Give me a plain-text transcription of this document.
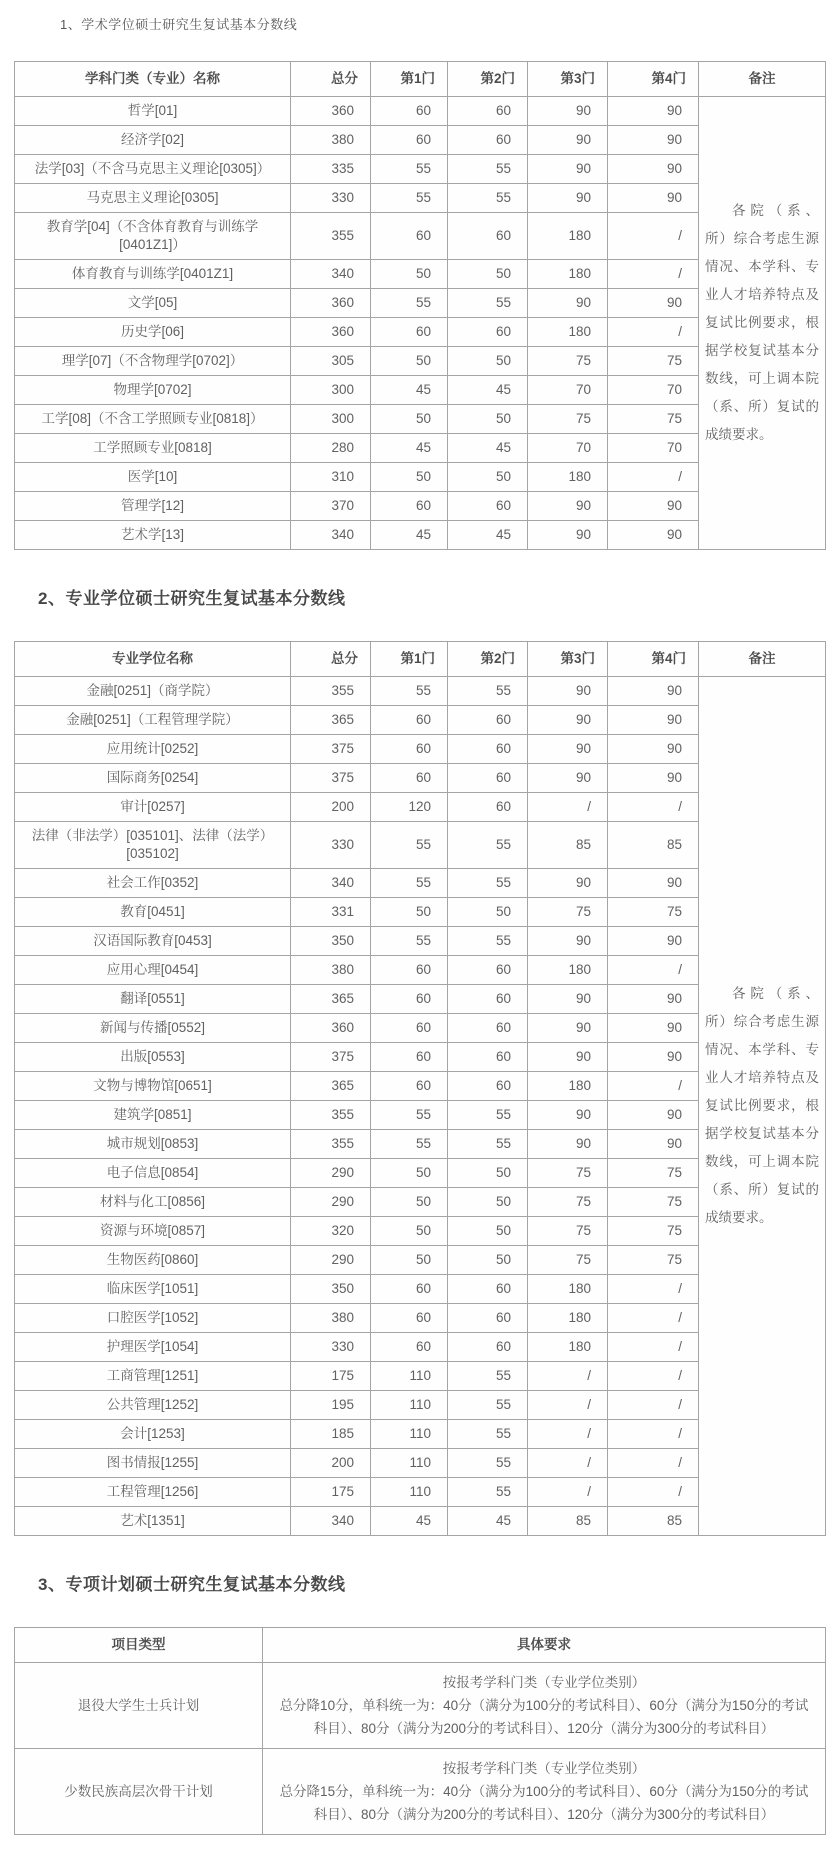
1、学术学位硕士研究生复试基本分数线
学科门类（专业）名称	总分	第1门	第2门	第3门	第4门	备注
哲学[01]	360	60	60	90	90	各院（系、所）综合考虑生源情况、本学科、专业人才培养特点及复试比例要求，根据学校复试基本分数线，可上调本院（系、所）复试的成绩要求。

经济学[02]	380	60	60	90	90	
法学[03]（不含马克思主义理论[0305]）	335	55	55	90	90	
马克思主义理论[0305]	330	55	55	90	90	
教育学[04]（不含体育教育与训练学[0401Z1]）	355	60	60	180	/	
体育教育与训练学[0401Z1]	340	50	50	180	/	
文学[05]	360	55	55	90	90	
历史学[06]	360	60	60	180	/	
理学[07]（不含物理学[0702]）	305	50	50	75	75	
物理学[0702]	300	45	45	70	70	
工学[08]（不含工学照顾专业[0818]）	300	50	50	75	75	
工学照顾专业[0818]	280	45	45	70	70	
医学[10]	310	50	50	180	/	
管理学[12]	370	60	60	90	90	
艺术学[13]	340	45	45	90	90	
2、专业学位硕士研究生复试基本分数线
专业学位名称	总分	第1门	第2门	第3门	第4门	备注
金融[0251]（商学院）	355	55	55	90	90	各院（系、所）综合考虑生源情况、本学科、专业人才培养特点及复试比例要求，根据学校复试基本分数线，可上调本院（系、所）复试的成绩要求。

金融[0251]（工程管理学院）	365	60	60	90	90	
应用统计[0252]	375	60	60	90	90	
国际商务[0254]	375	60	60	90	90	
审计[0257]	200	120	60	/	/	
法律（非法学）[035101]、法律（法学）[035102]	330	55	55	85	85	
社会工作[0352]	340	55	55	90	90	
教育[0451]	331	50	50	75	75	
汉语国际教育[0453]	350	55	55	90	90	
应用心理[0454]	380	60	60	180	/	
翻译[0551]	365	60	60	90	90	
新闻与传播[0552]	360	60	60	90	90	
出版[0553]	375	60	60	90	90	
文物与博物馆[0651]	365	60	60	180	/	
建筑学[0851]	355	55	55	90	90	
城市规划[0853]	355	55	55	90	90	
电子信息[0854]	290	50	50	75	75	
材料与化工[0856]	290	50	50	75	75	
资源与环境[0857]	320	50	50	75	75	
生物医药[0860]	290	50	50	75	75	
临床医学[1051]	350	60	60	180	/	
口腔医学[1052]	380	60	60	180	/	
护理医学[1054]	330	60	60	180	/	
工商管理[1251]	175	110	55	/	/	
公共管理[1252]	195	110	55	/	/	
会计[1253]	185	110	55	/	/	
图书情报[1255]	200	110	55	/	/	
工程管理[1256]	175	110	55	/	/	
艺术[1351]	340	45	45	85	85	
3、专项计划硕士研究生复试基本分数线
项目类型	具体要求
退役大学生士兵计划	按报考学科门类（专业学位类别）

总分降10分，单科统一为：40分（满分为100分的考试科目）、60分（满分为150分的考试科目）、80分（满分为200分的考试科目）、120分（满分为300分的考试科目）

少数民族高层次骨干计划	按报考学科门类（专业学位类别）

总分降15分，单科统一为：40分（满分为100分的考试科目）、60分（满分为150分的考试科目）、80分（满分为200分的考试科目）、120分（满分为300分的考试科目）
